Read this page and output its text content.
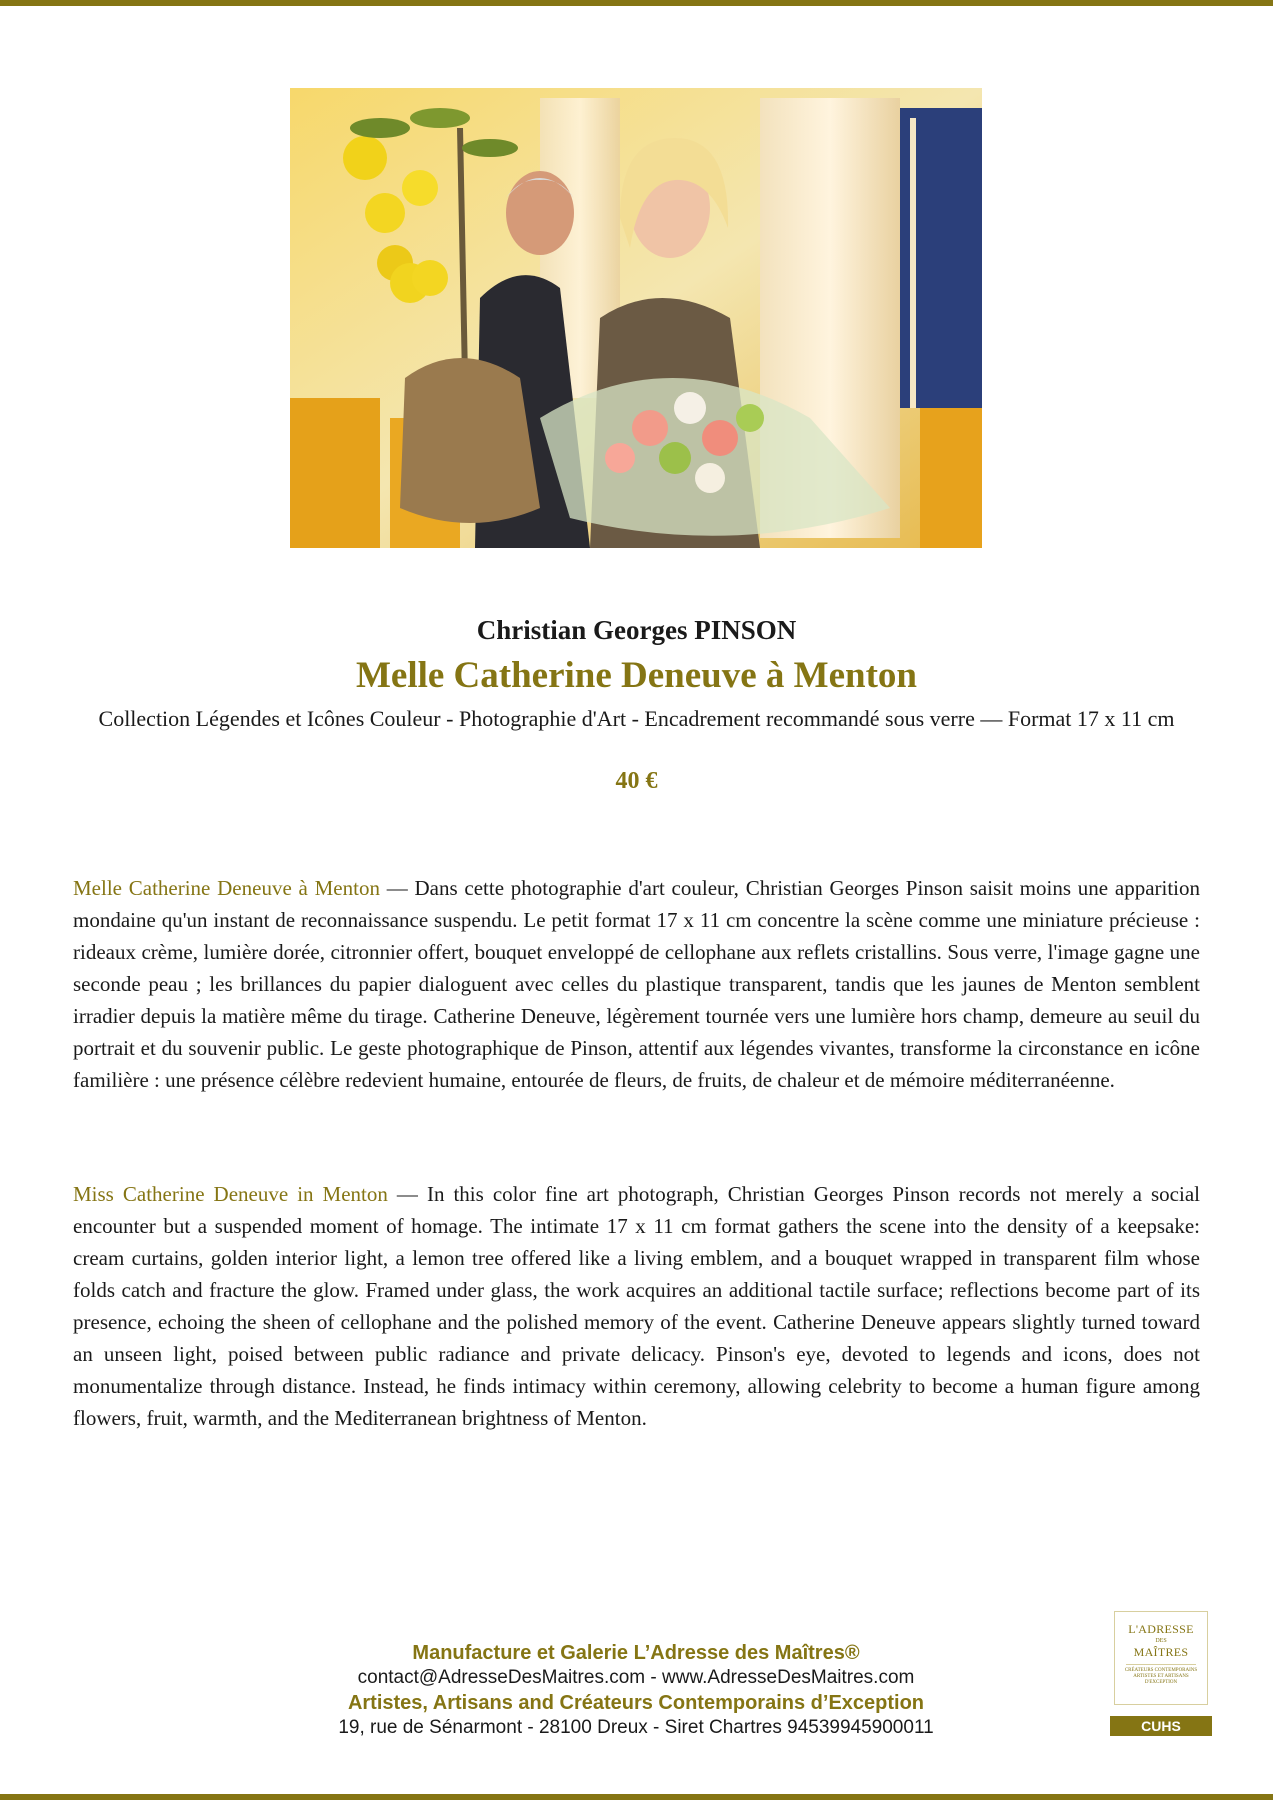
Christian Georges PINSON
Melle Catherine Deneuve à Menton
Collection Légendes et Icônes Couleur - Photographie d'Art - Encadrement recommandé sous verre — Format 17 x 11 cm
40 €

Melle Catherine Deneuve à Menton — Dans cette photographie d'art couleur, Christian Georges Pinson saisit moins une apparition mondaine qu'un instant de reconnaissance suspendu. Le petit format 17 x 11 cm concentre la scène comme une miniature précieuse : rideaux crème, lumière dorée, citronnier offert, bouquet enveloppé de cellophane aux reflets cristallins. Sous verre, l'image gagne une seconde peau ; les brillances du papier dialoguent avec celles du plastique transparent, tandis que les jaunes de Menton semblent irradier depuis la matière même du tirage. Catherine Deneuve, légèrement tournée vers une lumière hors champ, demeure au seuil du portrait et du souvenir public. Le geste photographique de Pinson, attentif aux légendes vivantes, transforme la circonstance en icône familière : une présence célèbre redevient humaine, entourée de fleurs, de fruits, de chaleur et de mémoire méditerranéenne.

Miss Catherine Deneuve in Menton — In this color fine art photograph, Christian Georges Pinson records not merely a social encounter but a suspended moment of homage. The intimate 17 x 11 cm format gathers the scene into the density of a keepsake: cream curtains, golden interior light, a lemon tree offered like a living emblem, and a bouquet wrapped in transparent film whose folds catch and fracture the glow. Framed under glass, the work acquires an additional tactile surface; reflections become part of its presence, echoing the sheen of cellophane and the polished memory of the event. Catherine Deneuve appears slightly turned toward an unseen light, poised between public radiance and private delicacy. Pinson's eye, devoted to legends and icons, does not monumentalize through distance. Instead, he finds intimacy within ceremony, allowing celebrity to become a human figure among flowers, fruit, warmth, and the Mediterranean brightness of Menton.

Manufacture et Galerie L’Adresse des Maîtres®
contact@AdresseDesMaitres.com - www.AdresseDesMaitres.com
Artistes, Artisans and Créateurs Contemporains d’Exception
19, rue de Sénarmont - 28100 Dreux - Siret Chartres 94539945900011
L'ADRESSE
DES
MAÎTRES
CRÉATEURS CONTEMPORAINS ARTISTES ET ARTISANS D'EXCEPTION
CUHS
